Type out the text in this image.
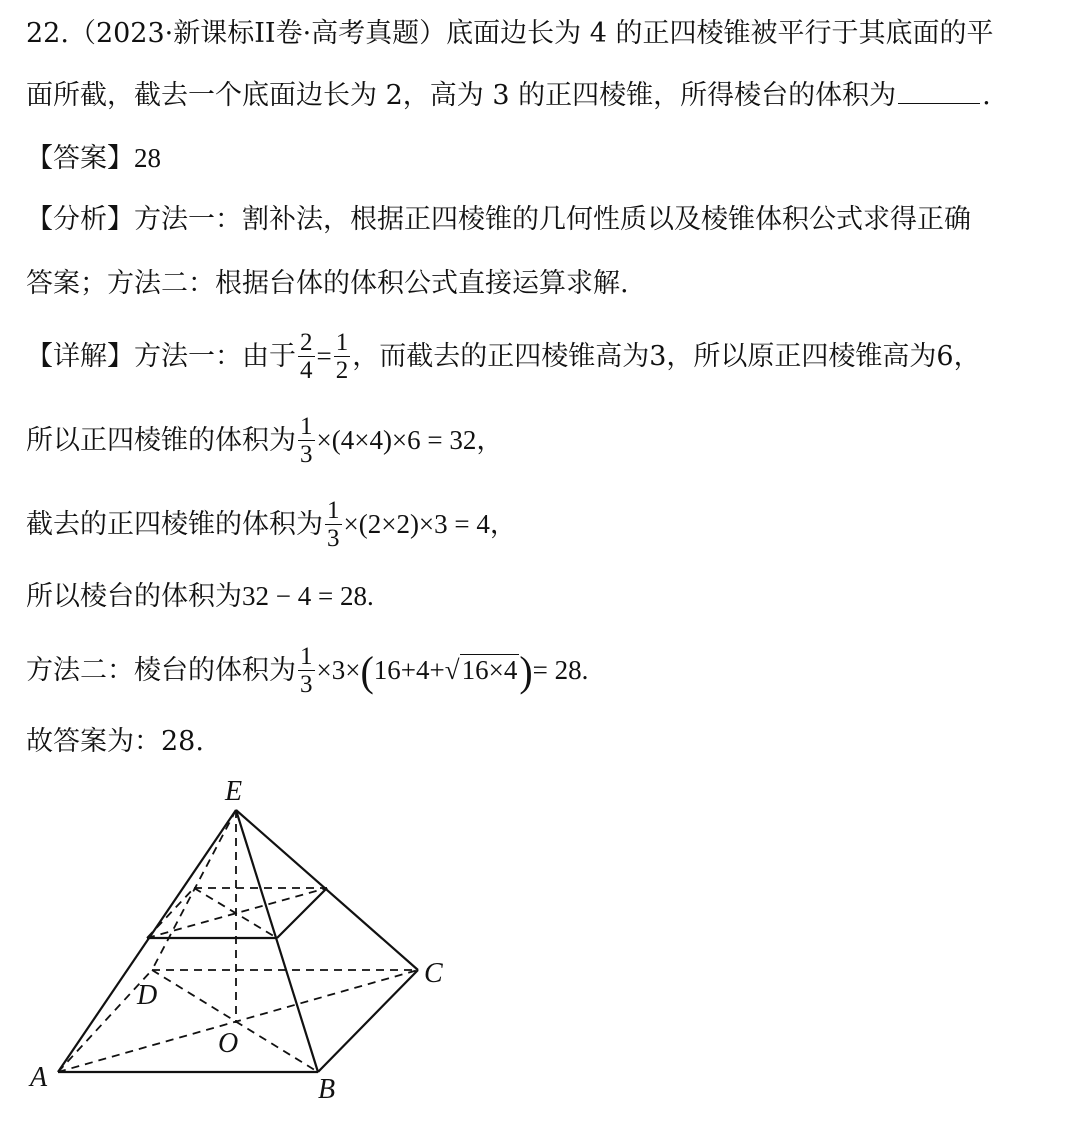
22.（2023·新课标II卷·高考真题）底面边长为 4 的正四棱锥被平行于其底面的平
面所截，截去一个底面边长为 2，高为 3 的正四棱锥，所得棱台的体积为	.
【答案】28
【分析】方法一：割补法，根据正四棱锥的几何性质以及棱锥体积公式求得正确
答案；方法二：根据台体的体积公式直接运算求解.
【详解】方法一：由于 $\frac{2}{4} = \frac{1}{2}$ ，而截去的正四棱锥高为3，所以原正四棱锥高为6，
所以正四棱锥的体积为 $\frac{1}{3} \times(4\times 4)\times 6 = 32$，
截去的正四棱锥的体积为 $\frac{1}{3} \times(2\times 2)\times 3 = 4$，
所以棱台的体积为32 − 4 = 28.
方法二：棱台的体积为 $\frac{1}{3} \times 3\times(16+4+√16\times 4)= 28$.
故答案为：28.
E
A	B
C
D
O
